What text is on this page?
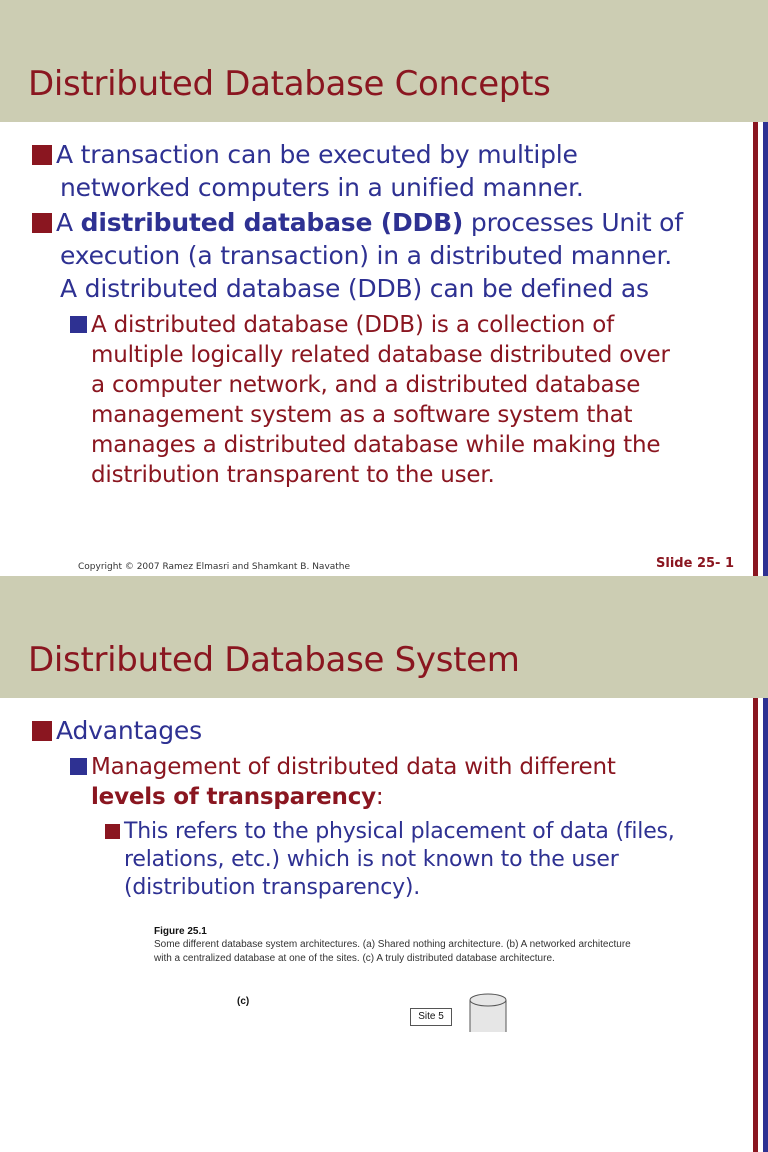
Distributed Database Concepts
A transaction can be executed by multiple
networked computers in a unified manner.
A distributed database (DDB) processes Unit of
execution (a transaction) in a distributed manner.
A distributed database (DDB) can be defined as
A distributed database (DDB) is a collection of
multiple logically related database distributed over
a computer network, and a distributed database
management system as a software system that
manages a distributed database while making the
distribution transparent to the user.
Copyright © 2007 Ramez Elmasri and Shamkant B. Navathe	Slide 25- 1
Distributed Database System
Advantages
Management of distributed data with different
levels of transparency:
This refers to the physical placement of data (files,
relations, etc.) which is not known to the user
(distribution transparency).
Figure 25.1
Some different database system architectures. (a) Shared nothing architecture. (b) A networked architecture with a centralized database at one of the sites. (c) A truly distributed database architecture.
(c)
Site 5
